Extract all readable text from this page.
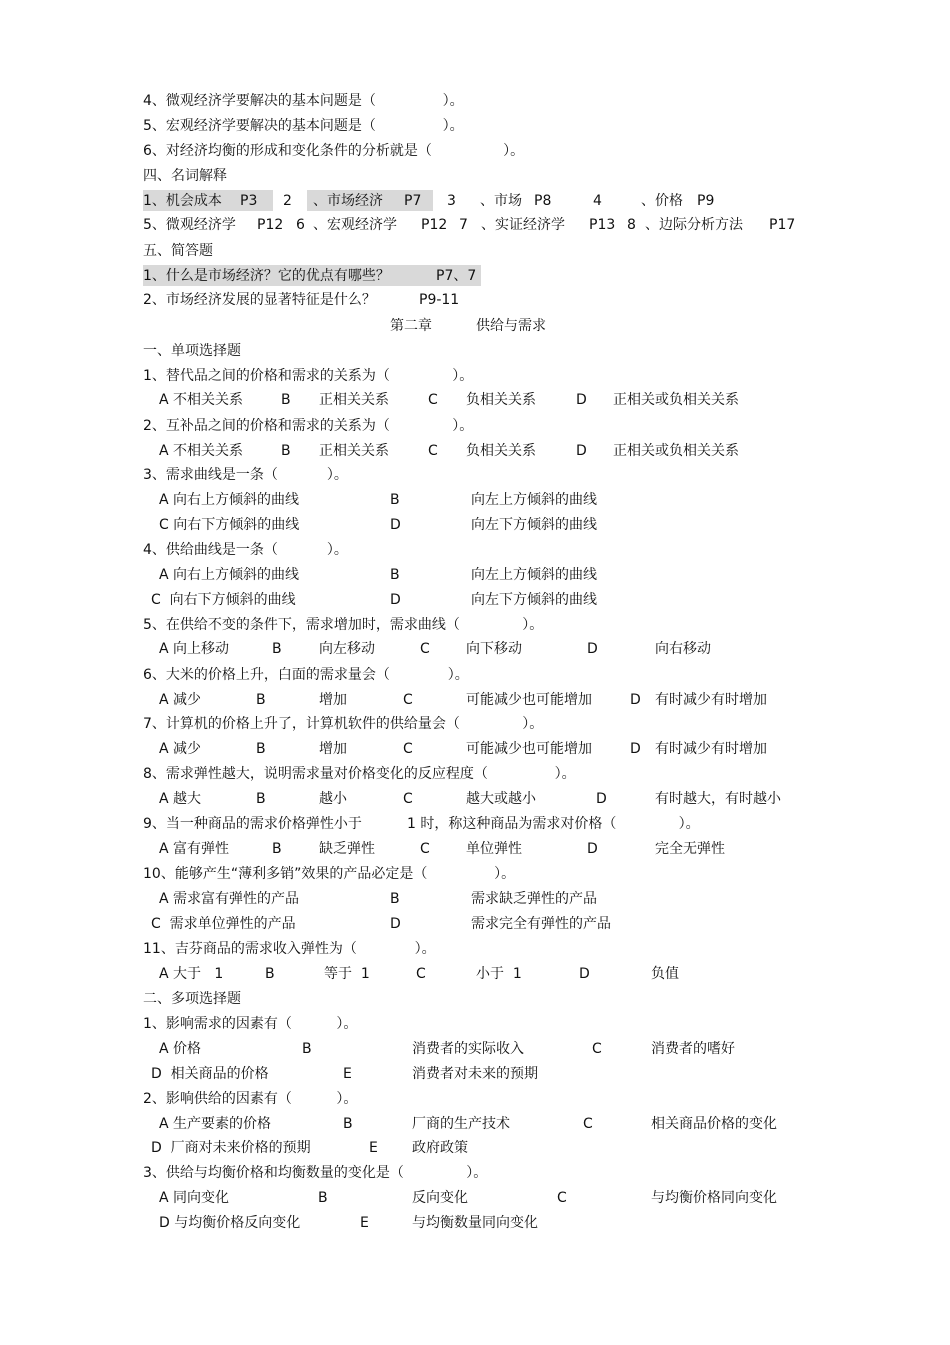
4、微观经济学要解决的基本问题是（               ）。
5、宏观经济学要解决的基本问题是（               ）。
6、对经济均衡的形成和变化条件的分析就是（                ）。
四、名词解释
1、机会成本 P3 2 、市场经济 P7 3 、市场 P8	4	、价格 P9
5、微观经济学 P12 6 、宏观经济学 P12 7 、实证经济学 P13 8 、边际分析方法 P17
五、简答题
1、什么是市场经济？它的优点有哪些？	P7、7
2、市场经济发展的显著特征是什么？	P9-11
第二章	供给与需求
一、单项选择题
1、替代品之间的价格和需求的关系为（              ）。
A 不相关关系	B 正相关关系	C 负相关关系	D 正相关或负相关关系
2、互补品之间的价格和需求的关系为（              ）。
A 不相关关系	B 正相关关系	C 负相关关系	D 正相关或负相关关系
3、需求曲线是一条（           ）。
A 向右上方倾斜的曲线	B	向左上方倾斜的曲线
C 向右下方倾斜的曲线	D	向左下方倾斜的曲线
4、供给曲线是一条（           ）。
A 向右上方倾斜的曲线	B	向左上方倾斜的曲线
C  向右下方倾斜的曲线	D	向左下方倾斜的曲线
5、在供给不变的条件下，需求增加时，需求曲线（              ）。
A 向上移动	B	向左移动	C	向下移动	D	向右移动
6、大米的价格上升，白面的需求量会（             ）。
A 减少	B	增加	C	可能减少也可能增加	D 有时减少有时增加
7、计算机的价格上升了，计算机软件的供给量会（              ）。
A 减少	B	增加	C	可能减少也可能增加	D 有时减少有时增加
8、需求弹性越大，说明需求量对价格变化的反应程度（               ）。
A 越大	B	越小	C	越大或越小	D	有时越大，有时越小
9、当一种商品的需求价格弹性小于	1 时，称这种商品为需求对价格（              ）。
A 富有弹性	B	缺乏弹性	C	单位弹性	D	完全无弹性
10、能够产生“薄利多销”效果的产品必定是（               ）。
A 需求富有弹性的产品	B	需求缺乏弹性的产品
C  需求单位弹性的产品	D	需求完全有弹性的产品
11、吉芬商品的需求收入弹性为（             ）。
A 大于   1	B	等于  1	C	小于  1	D	负值
二、多项选择题
1、影响需求的因素有（          ）。
A 价格	B	消费者的实际收入	C	消费者的嗜好
D  相关商品的价格	E	消费者对未来的预期
2、影响供给的因素有（          ）。
A 生产要素的价格	B	厂商的生产技术	C	相关商品价格的变化
D  厂商对未来价格的预期	E 政府政策
3、供给与均衡价格和均衡数量的变化是（              ）。
A 同向变化	B	反向变化	C	与均衡价格同向变化
D 与均衡价格反向变化	E	与均衡数量同向变化
